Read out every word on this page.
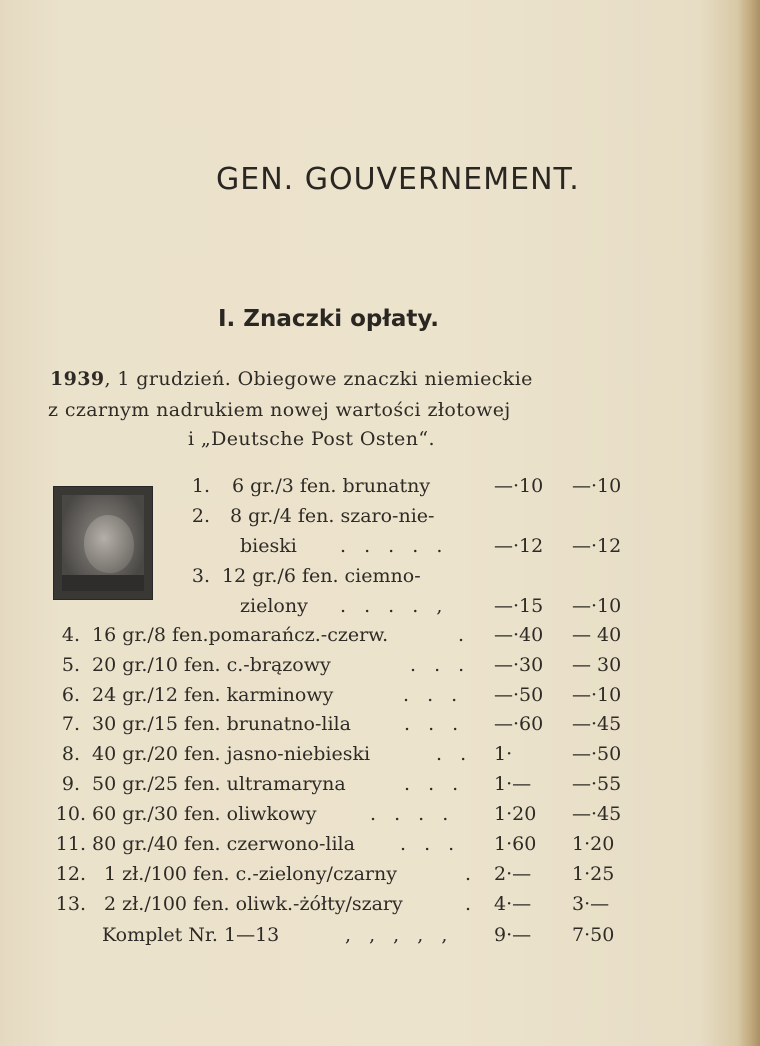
GEN. GOUVERNEMENT.
I. Znaczki opłaty.
1939, 1 grudzień. Obiegowe znaczki niemieckie
z czarnym nadrukiem nowej wartości złotowej
i „Deutsche Post Osten“.
1. 6 gr./3 fen. brunatny	—·10 —·10
2. 8 gr./4 fen. szaro-nie-
bieski . . . . . —·12 —·12
3. 12 gr./6 fen. ciemno-
zielony . . . . , —·15 —·10
4. 16 gr./8 fen.pomarańcz.-czerw.	. —·40 — 40
5. 20 gr./10 fen. c.-brązowy	. . . —·30 — 30
6. 24 gr./12 fen. karminowy	. . . —·50 —·10
7. 30 gr./15 fen. brunatno-lila	. . . —·60 —·45
8. 40 gr./20 fen. jasno-niebieski	. . 1·	—·50
9. 50 gr./25 fen. ultramaryna	. . . 1·— —·55
10. 60 gr./30 fen. oliwkowy	. . . . 1·20 —·45
11. 80 gr./40 fen. czerwono-lila . . . 1·60 1·20
12. 1 zł./100 fen. c.-zielony/czarny	. 2·— 1·25
13. 2 zł./100 fen. oliwk.-żółty/szary	. 4·— 3·—
Komplet Nr. 1—13	, , , , , 9·— 7·50
